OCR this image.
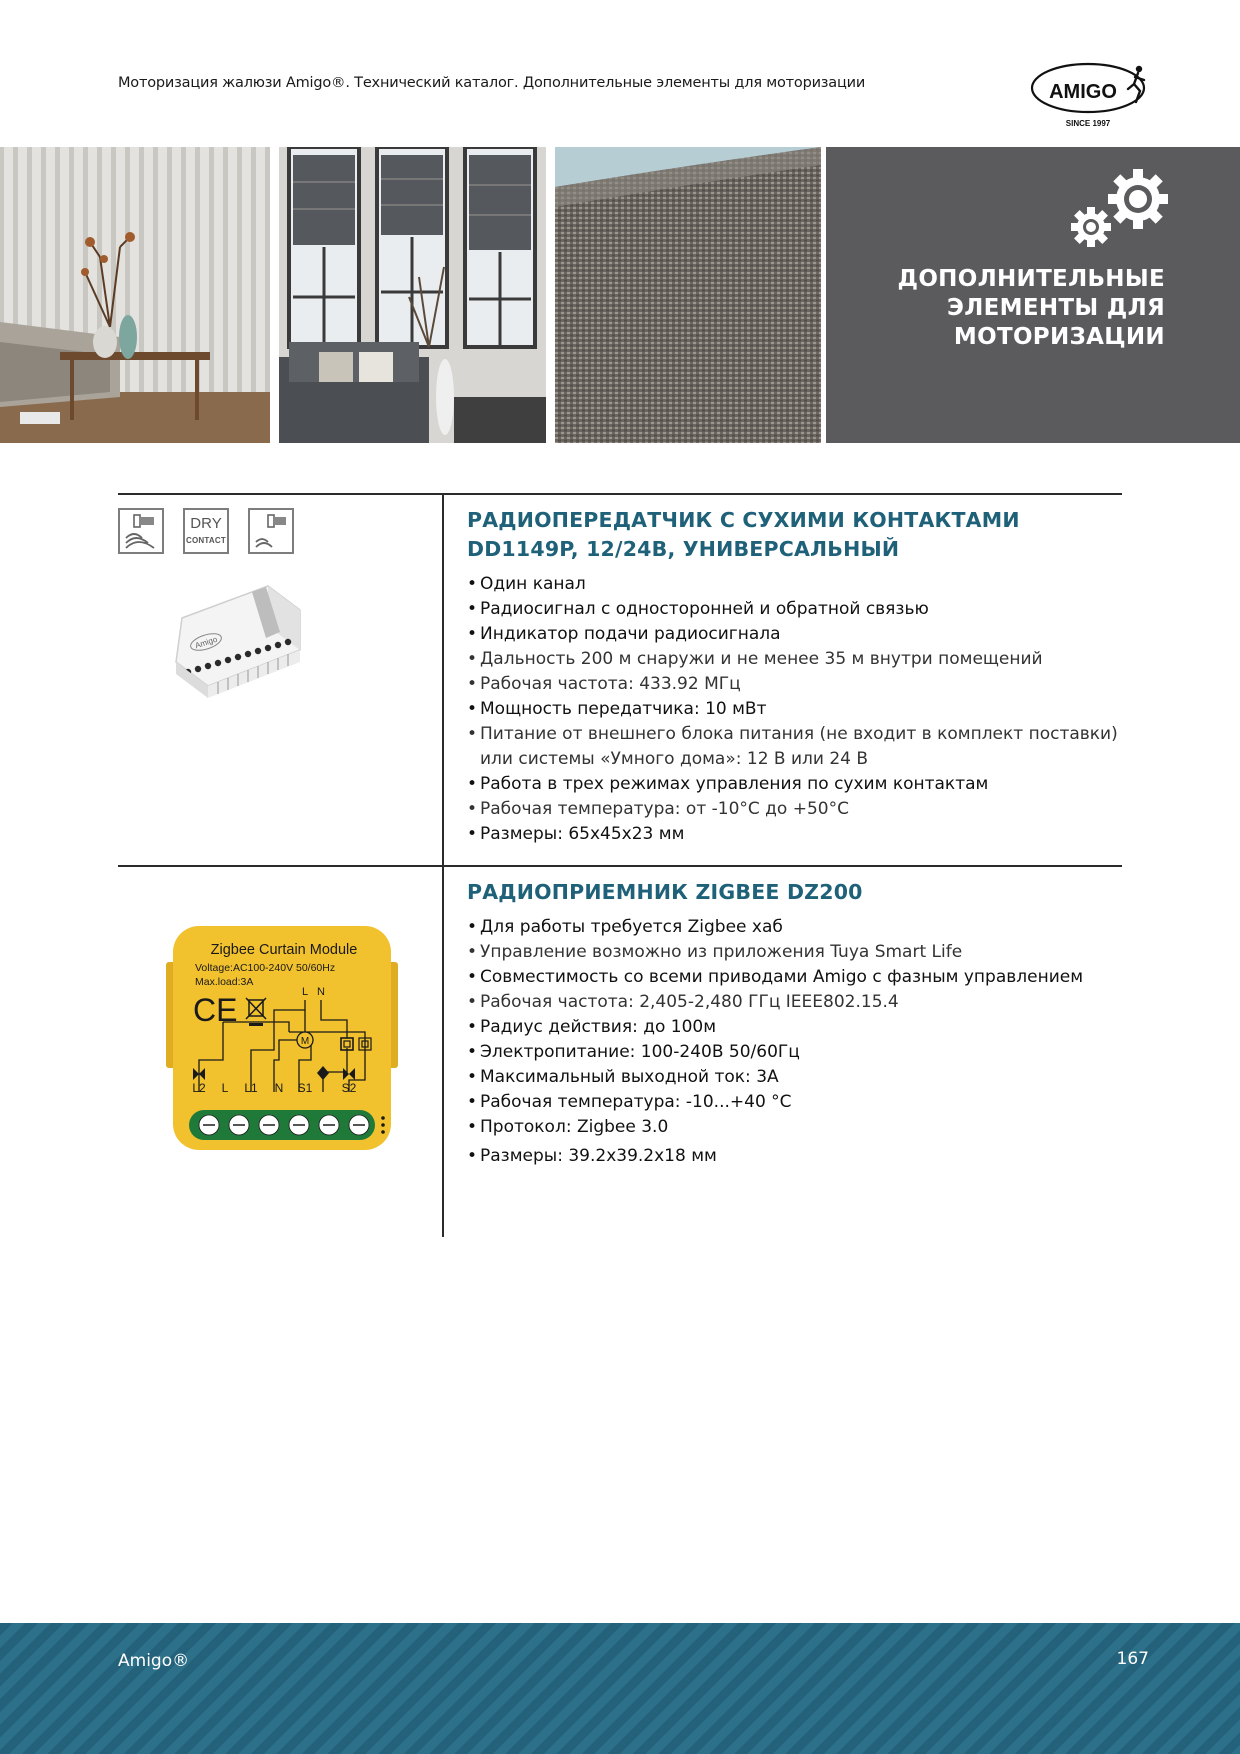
Моторизация жалюзи Amigo®. Технический каталог. Дополнительные элементы для моторизации	AMIGO
SINCE 1997
ДОПОЛНИТЕЛЬНЫЕ
ЭЛЕМЕНТЫ ДЛЯ
МОТОРИЗАЦИИ
DRY
CONTACT
Amigo
РАДИОПЕРЕДАТЧИК С СУХИМИ КОНТАКТАМИ
DD1149P, 12/24В, УНИВЕРСАЛЬНЫЙ
• Один канал
• Радиосигнал с односторонней и обратной связью
• Индикатор подачи радиосигнала
• Дальность 200 м снаружи и не менее 35 м внутри помещений
• Рабочая частота: 433.92 МГц
• Мощность передатчика: 10 мВт
• Питание от внешнего блока питания (не входит в комплект поставки)
или системы «Умного дома»: 12 В или 24 В
• Работа в трех режимах управления по сухим контактам
• Рабочая температура: от -10°C до +50°C
• Размеры: 65x45x23 мм
Zigbee Curtain Module
Voltage:AC100-240V 50/60Hz
Max.load:3A
CE	L N
M
L2 L L1 N S1 S2
РАДИОПРИЕМНИК ZIGBEE DZ200
• Для работы требуется Zigbee хаб
• Управление возможно из приложения Tuya Smart Life
• Совместимость со всеми приводами Amigo с фазным управлением
• Рабочая частота: 2,405-2,480 ГГц IEEE802.15.4
• Радиус действия: до 100м
• Электропитание: 100-240В 50/60Гц
• Максимальный выходной ток: 3А
• Рабочая температура: -10...+40 °C
• Протокол: Zigbee 3.0
• Размеры: 39.2x39.2x18 мм
Amigo®	167
